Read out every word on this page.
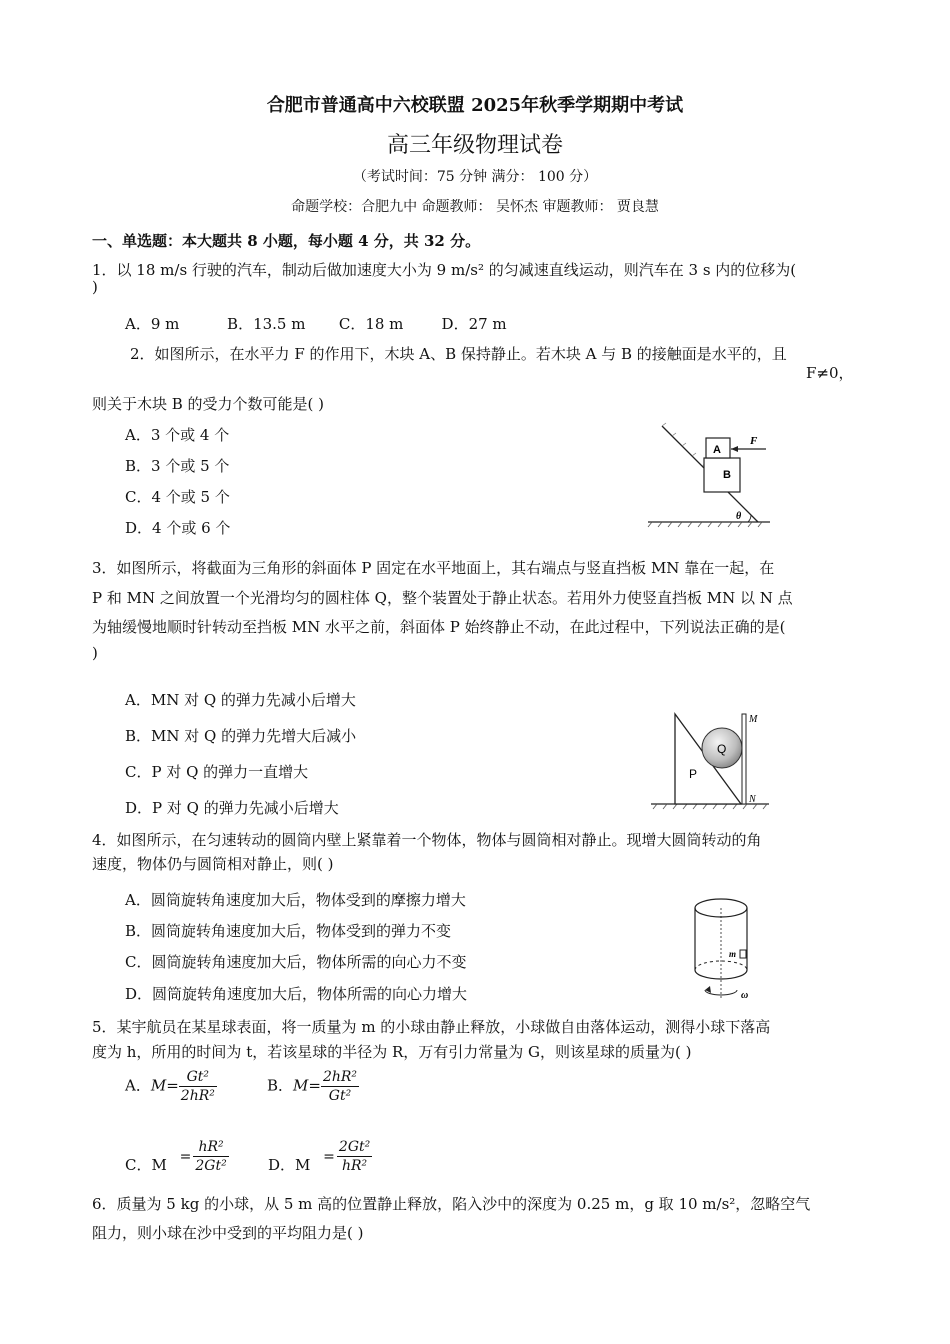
合肥市普通高中六校联盟 2025年秋季学期期中考试
高三年级物理试卷
（考试时间：75 分钟 满分： 100 分）
命题学校：合肥九中 命题教师： 吴怀杰 审题教师： 贾良慧
一、单选题：本大题共 8 小题，每小题 4 分，共 32 分。
1．以 18 m/s 行驶的汽车，制动后做加速度大小为 9 m/s² 的匀减速直线运动，则汽车在 3 s 内的位移为(
)
A．9 m          B．13.5 m       C．18 m        D．27 m
2．如图所示，在水平力 F 的作用下，木块 A、B 保持静止。若木块 A 与 B 的接触面是水平的，且
F≠0，
则关于木块 B 的受力个数可能是( )
A．3 个或 4 个
B．3 个或 5 个
C．4 个或 5 个
D．4 个或 6 个
A
B
F
θ
3．如图所示，将截面为三角形的斜面体 P 固定在水平地面上，其右端点与竖直挡板 MN 靠在一起，在
P 和 MN 之间放置一个光滑均匀的圆柱体 Q，整个装置处于静止状态。若用外力使竖直挡板 MN 以 N 点
为轴缓慢地顺时针转动至挡板 MN 水平之前，斜面体 P 始终静止不动，在此过程中，下列说法正确的是(
)
A．MN 对 Q 的弹力先减小后增大
B．MN 对 Q 的弹力先增大后减小
C．P 对 Q 的弹力一直增大
D．P 对 Q 的弹力先减小后增大
Q
P
M
N
4．如图所示，在匀速转动的圆筒内壁上紧靠着一个物体，物体与圆筒相对静止。现增大圆筒转动的角
速度，物体仍与圆筒相对静止，则( )
A．圆筒旋转角速度加大后，物体受到的摩擦力增大
B．圆筒旋转角速度加大后，物体受到的弹力不变
C．圆筒旋转角速度加大后，物体所需的向心力不变
D．圆筒旋转角速度加大后，物体所需的向心力增大
m
ω
5．某宇航员在某星球表面，将一质量为 m 的小球由静止释放，小球做自由落体运动，测得小球下落高
度为 h，所用的时间为 t，若该星球的半径为 R，万有引力常量为 G，则该星球的质量为( )
A．$M= \frac{\text{Gt²}}{\text{2hR²}}$	B．$M= \frac{\text{2hR²}}{\text{Gt²}}$
C．$M = \frac{\text{hR²}}{\text{2Gt²}}$	D．$M = \frac{\text{2Gt²}}{\text{hR²}}$
6．质量为 5 kg 的小球，从 5 m 高的位置静止释放，陷入沙中的深度为 0.25 m，g 取 10 m/s²，忽略空气
阻力，则小球在沙中受到的平均阻力是( )
